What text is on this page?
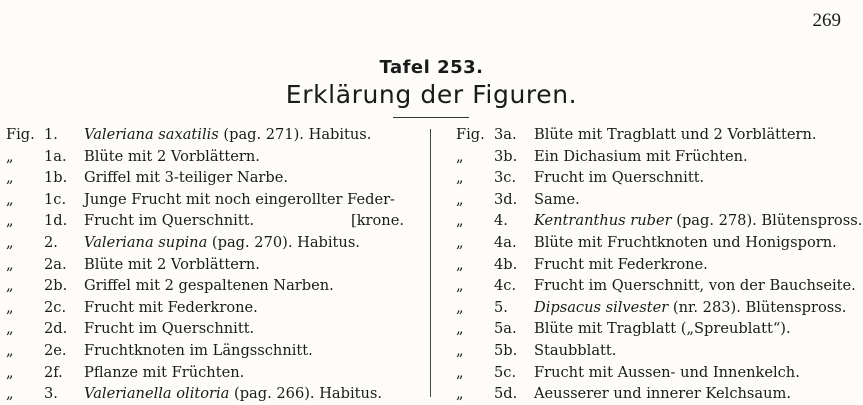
269
Tafel 253.
Erklärung der Figuren.
Fig. 1. Valeriana saxatilis (pag. 271). Habitus.
„ 1a. Blüte mit 2 Vorblättern.
„ 1b. Griffel mit 3-teiliger Narbe.
„ 1c. Junge Frucht mit noch eingerollter Feder-
„ 1d. Frucht im Querschnitt.	[krone.
„ 2. Valeriana supina (pag. 270). Habitus.
„ 2a. Blüte mit 2 Vorblättern.
„ 2b. Griffel mit 2 gespaltenen Narben.
„ 2c. Frucht mit Federkrone.
„ 2d. Frucht im Querschnitt.
„ 2e. Fruchtknoten im Längsschnitt.
„ 2f. Pflanze mit Früchten.
„ 3. Valerianella olitoria (pag. 266). Habitus.
Fig. 3a. Blüte mit Tragblatt und 2 Vorblättern.
„ 3b. Ein Dichasium mit Früchten.
„ 3c. Frucht im Querschnitt.
„ 3d. Same.
„ 4. Kentranthus ruber (pag. 278). Blütenspross.
„ 4a. Blüte mit Fruchtknoten und Honigsporn.
„ 4b. Frucht mit Federkrone.
„ 4c. Frucht im Querschnitt, von der Bauchseite.
„ 5. Dipsacus silvester (nr. 283). Blütenspross.
„ 5a. Blüte mit Tragblatt („Spreublatt“).
„ 5b. Staubblatt.
„ 5c. Frucht mit Aussen- und Innenkelch.
„ 5d. Aeusserer und innerer Kelchsaum.
